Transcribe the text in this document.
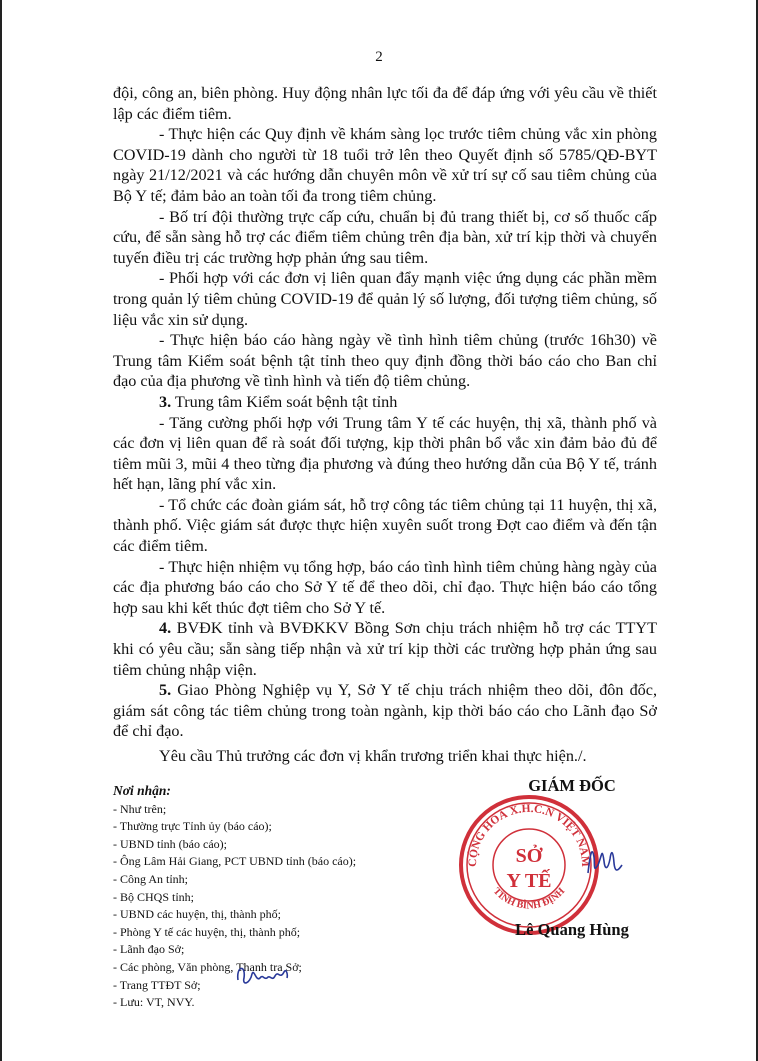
2

đội, công an, biên phòng. Huy động nhân lực tối đa để đáp ứng với yêu cầu về thiết lập các điểm tiêm.

- Thực hiện các Quy định về khám sàng lọc trước tiêm chủng vắc xin phòng COVID-19 dành cho người từ 18 tuổi trở lên theo Quyết định số 5785/QĐ-BYT ngày 21/12/2021 và các hướng dẫn chuyên môn về xử trí sự cố sau tiêm chủng của Bộ Y tế; đảm bảo an toàn tối đa trong tiêm chủng.

- Bố trí đội thường trực cấp cứu, chuẩn bị đủ trang thiết bị, cơ số thuốc cấp cứu, để sẵn sàng hỗ trợ các điểm tiêm chủng trên địa bàn, xử trí kịp thời và chuyển tuyến điều trị các trường hợp phản ứng sau tiêm.

- Phối hợp với các đơn vị liên quan đẩy mạnh việc ứng dụng các phần mềm trong quản lý tiêm chủng COVID-19 để quản lý số lượng, đối tượng tiêm chủng, số liệu vắc xin sử dụng.

- Thực hiện báo cáo hàng ngày về tình hình tiêm chủng (trước 16h30) về Trung tâm Kiểm soát bệnh tật tỉnh theo quy định đồng thời báo cáo cho Ban chỉ đạo của địa phương về tình hình và tiến độ tiêm chủng.

3. Trung tâm Kiểm soát bệnh tật tỉnh

- Tăng cường phối hợp với Trung tâm Y tế các huyện, thị xã, thành phố và các đơn vị liên quan để rà soát đối tượng, kịp thời phân bổ vắc xin đảm bảo đủ để tiêm mũi 3, mũi 4 theo từng địa phương và đúng theo hướng dẫn của Bộ Y tế, tránh hết hạn, lãng phí vắc xin.

- Tổ chức các đoàn giám sát, hỗ trợ công tác tiêm chủng tại 11 huyện, thị xã, thành phố. Việc giám sát được thực hiện xuyên suốt trong Đợt cao điểm và đến tận các điểm tiêm.

- Thực hiện nhiệm vụ tổng hợp, báo cáo tình hình tiêm chủng hàng ngày của các địa phương báo cáo cho Sở Y tế để theo dõi, chỉ đạo. Thực hiện báo cáo tổng hợp sau khi kết thúc đợt tiêm cho Sở Y tế.

4. BVĐK tỉnh và BVĐKKV Bồng Sơn chịu trách nhiệm hỗ trợ các TTYT khi có yêu cầu; sẵn sàng tiếp nhận và xử trí kịp thời các trường hợp phản ứng sau tiêm chủng nhập viện.

5. Giao Phòng Nghiệp vụ Y, Sở Y tế chịu trách nhiệm theo dõi, đôn đốc, giám sát công tác tiêm chủng trong toàn ngành, kịp thời báo cáo cho Lãnh đạo Sở để chỉ đạo.

Yêu cầu Thủ trưởng các đơn vị khẩn trương triển khai thực hiện./.

Nơi nhận:

- Như trên;
- Thường trực Tỉnh ủy (báo cáo);
- UBND tỉnh (báo cáo);
- Ông Lâm Hải Giang, PCT UBND tỉnh (báo cáo);
- Công An tỉnh;
- Bộ CHQS tỉnh;
- UBND các huyện, thị, thành phố;
- Phòng Y tế các huyện, thị, thành phố;
- Lãnh đạo Sở;
- Các phòng, Văn phòng, Thanh tra Sở;
- Trang TTĐT Sở;
- Lưu: VT, NVY.
GIÁM ĐỐC
CỘNG HOÀ X.H.C.N VIỆT NAM
TỈNH BÌNH ĐỊNH
SỞ
Y TẾ
Lê Quang Hùng
